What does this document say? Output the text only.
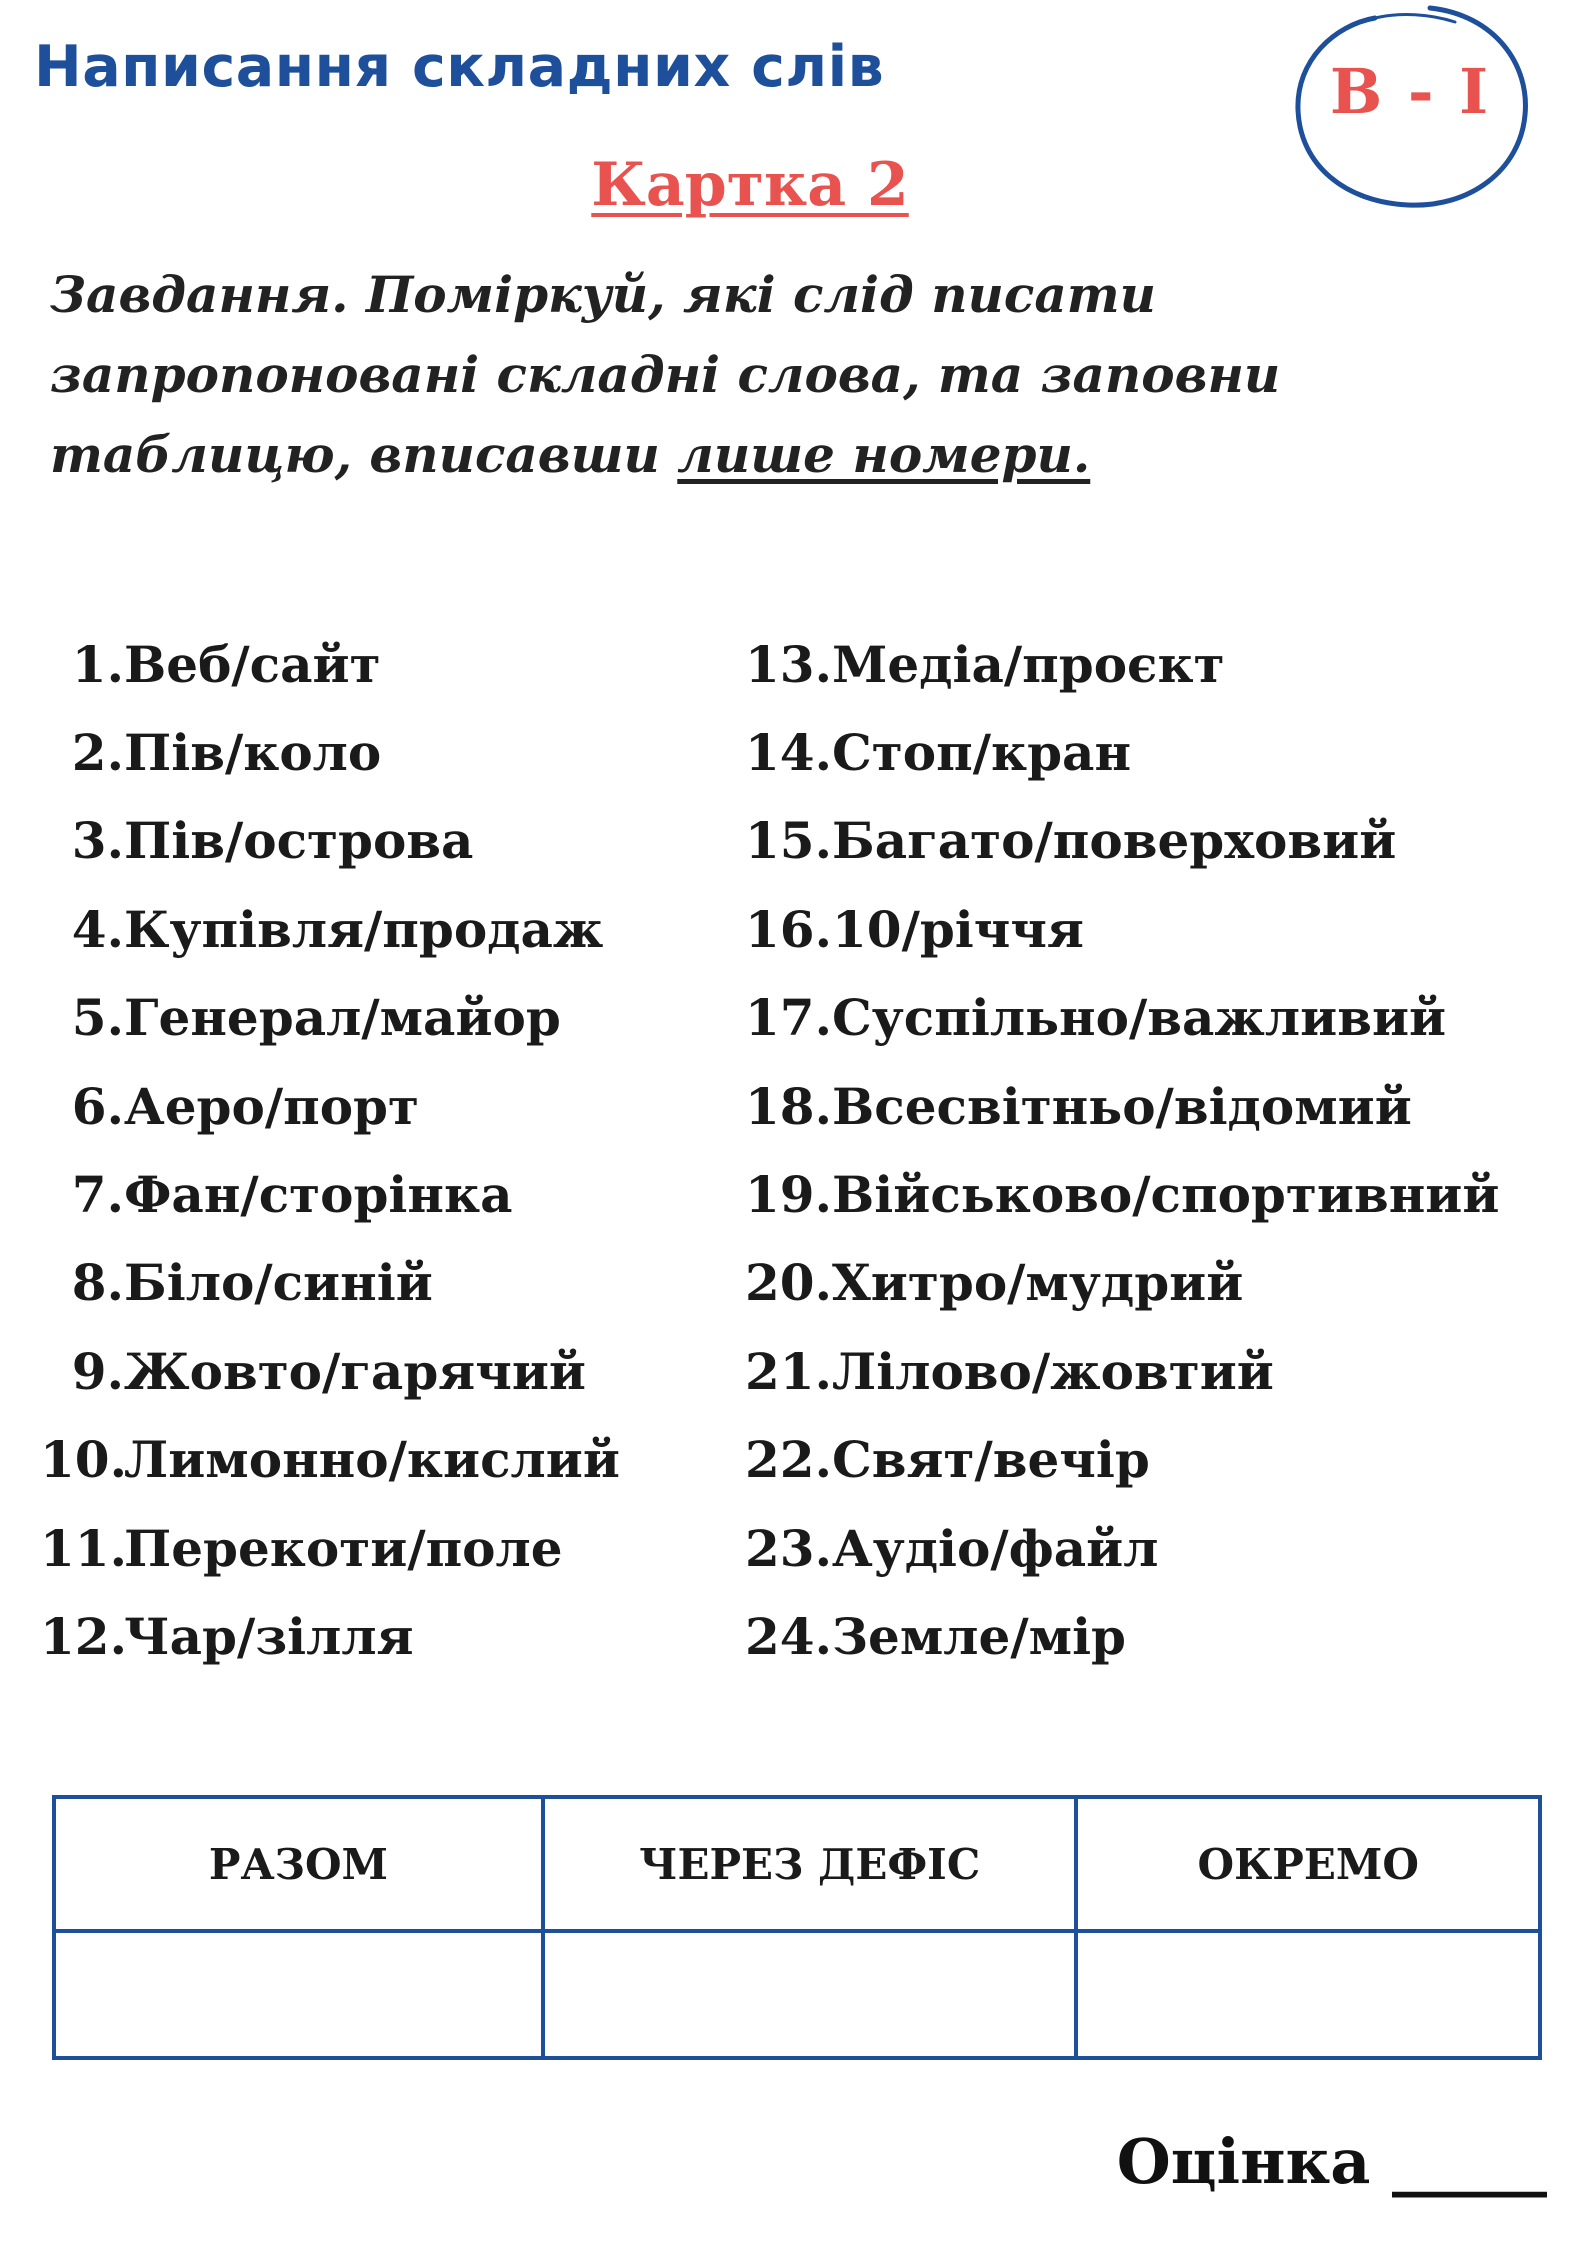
Написання складних слів	В - І
Картка 2
Завдання. Поміркуй, які слід писати запропоновані складні слова, та заповни таблицю, вписавши лише номери.
1. Веб/сайт
2. Пів/коло
3. Пів/острова
4. Купівля/продаж
5. Генерал/майор
6. Аеро/порт
7. Фан/сторінка
8. Біло/синій
9. Жовто/гарячий
10.
Лимонно/кислий
11.
Перекоти/поле
12.
Чар/зілля
13. Медіа/проєкт
14. Стоп/кран
15. Багато/поверховий
16. 10/річчя
17. Суспільно/важливий
18. Всесвітньо/відомий
19. Військово/спортивний
20. Хитро/мудрий
21. Лілово/жовтий
22. Свят/вечір
23. Аудіо/файл
24. Земле/мір
РАЗОМ	ЧЕРЕЗ ДЕФІС	ОКРЕМО

Оцінка _____
